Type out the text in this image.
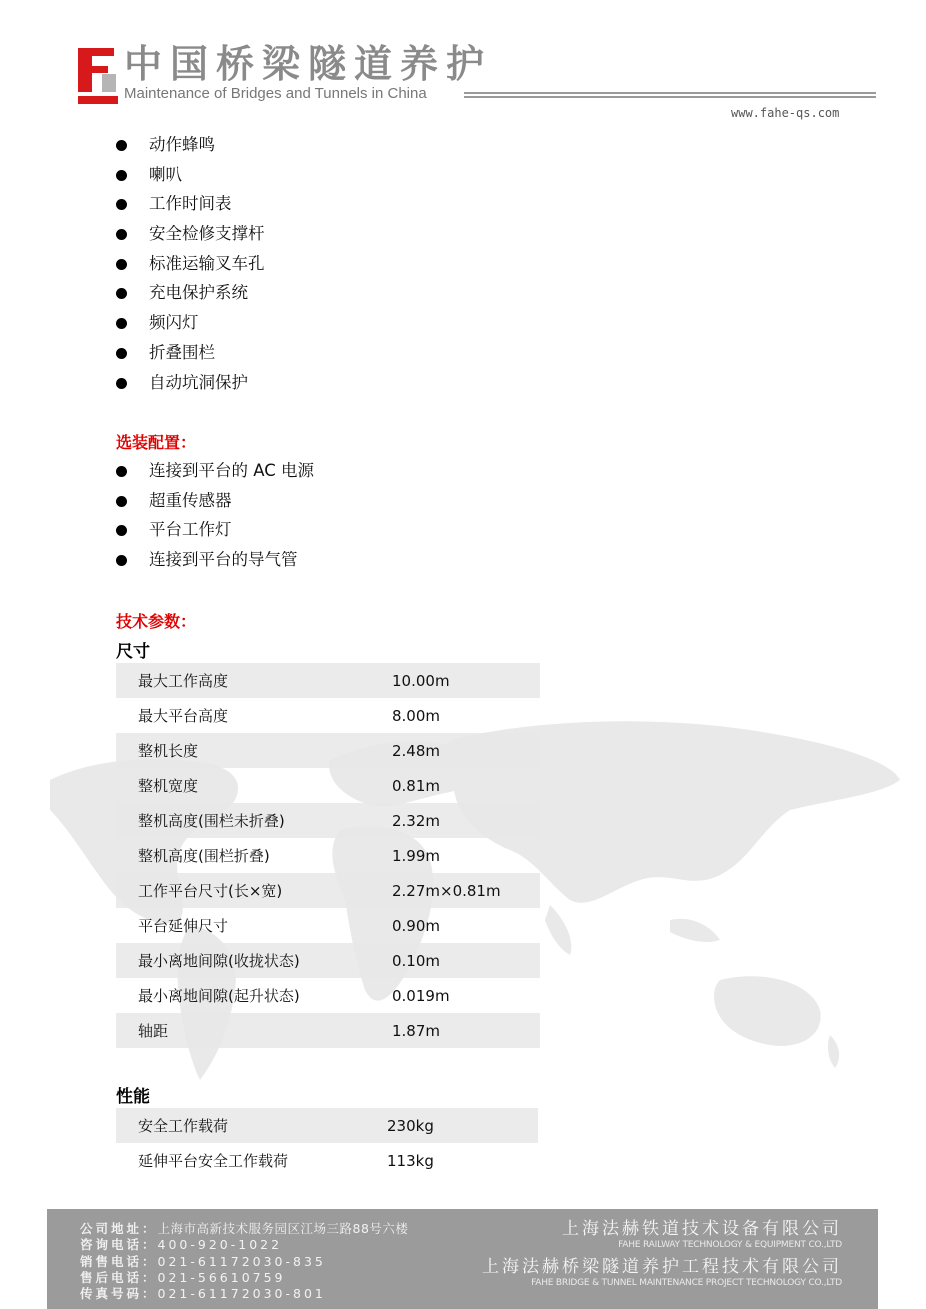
中国桥梁隧道养护
Maintenance of Bridges and Tunnels in China
www.fahe-qs.com
动作蜂鸣
喇叭
工作时间表
安全检修支撑杆
标准运输叉车孔
充电保护系统
频闪灯
折叠围栏
自动坑洞保护
选装配置：
连接到平台的 AC 电源
超重传感器
平台工作灯
连接到平台的导气管
技术参数：
尺寸
最大工作高度	10.00m
最大平台高度	8.00m
整机长度	2.48m
整机宽度	0.81m
整机高度(围栏未折叠)	2.32m
整机高度(围栏折叠)	1.99m
工作平台尺寸(长×宽)	2.27m×0.81m
平台延伸尺寸	0.90m
最小离地间隙(收拢状态)	0.10m
最小离地间隙(起升状态)	0.019m
轴距	1.87m
性能
安全工作载荷	230kg
延伸平台安全工作载荷	113kg
公司地址：上海市高新技术服务园区江场三路88号六楼
咨询电话：400-920-1022
销售电话：021-61172030-835
售后电话：021-56610759
传真号码：021-61172030-801
上海法赫铁道技术设备有限公司
FAHE RAILWAY TECHNOLOGY & EQUIPMENT CO.,LTD
上海法赫桥梁隧道养护工程技术有限公司
FAHE BRIDGE & TUNNEL MAINTENANCE PROJECT TECHNOLOGY CO.,LTD
